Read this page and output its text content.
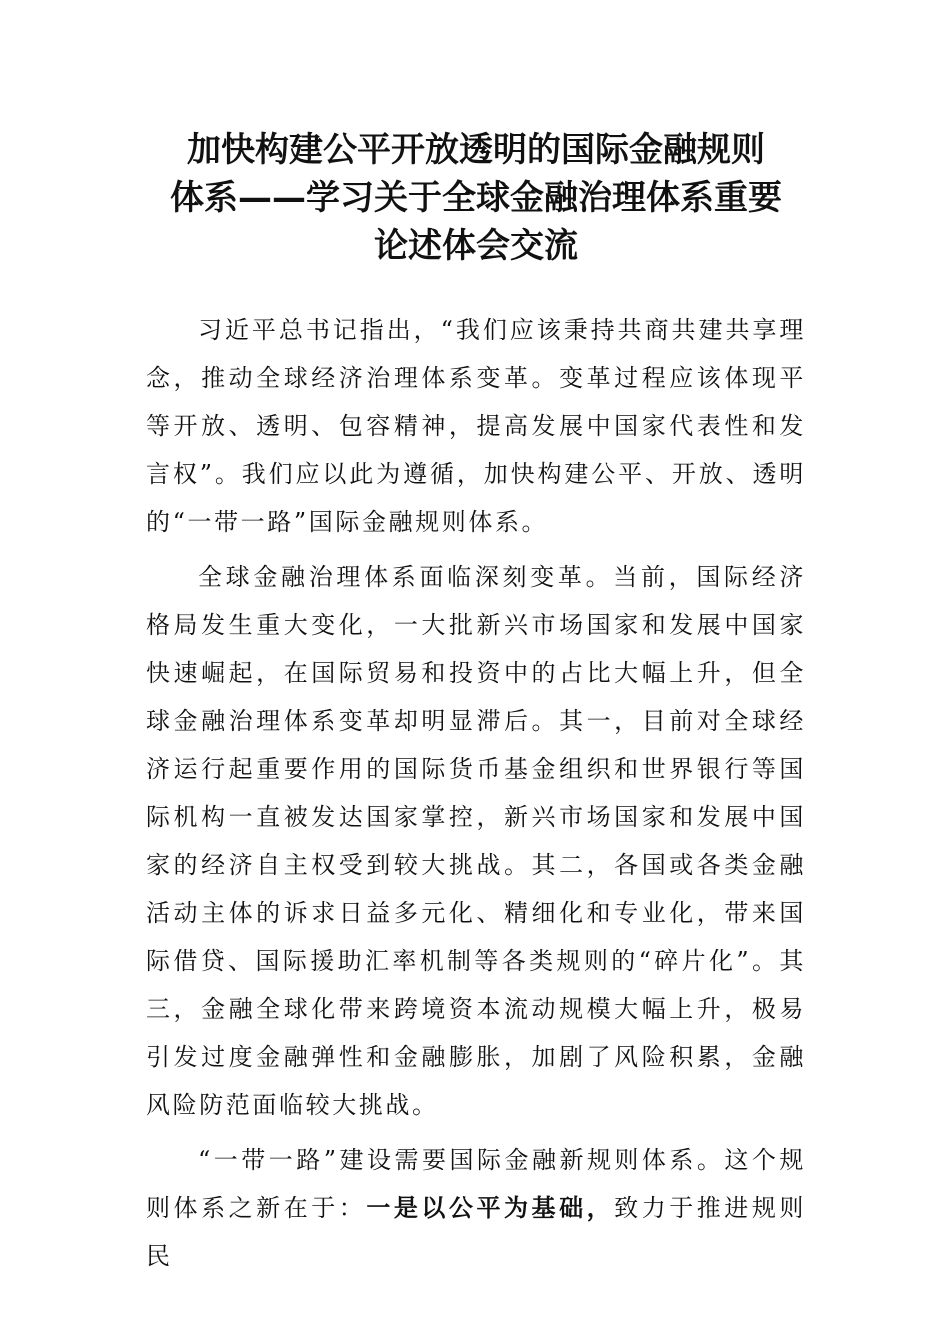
加快构建公平开放透明的国际金融规则
体系——学习关于全球金融治理体系重要
论述体会交流

习近平总书记指出，“我们应该秉持共商共建共享理念，推动全球经济治理体系变革。变革过程应该体现平等开放、透明、包容精神，提高发展中国家代表性和发言权”。我们应以此为遵循，加快构建公平、开放、透明的“一带一路”国际金融规则体系。

全球金融治理体系面临深刻变革。当前，国际经济格局发生重大变化，一大批新兴市场国家和发展中国家快速崛起，在国际贸易和投资中的占比大幅上升，但全球金融治理体系变革却明显滞后。其一，目前对全球经济运行起重要作用的国际货币基金组织和世界银行等国际机构一直被发达国家掌控，新兴市场国家和发展中国家的经济自主权受到较大挑战。其二，各国或各类金融活动主体的诉求日益多元化、精细化和专业化，带来国际借贷、国际援助汇率机制等各类规则的“碎片化”。其三，金融全球化带来跨境资本流动规模大幅上升，极易引发过度金融弹性和金融膨胀，加剧了风险积累，金融风险防范面临较大挑战。

“一带一路”建设需要国际金融新规则体系。这个规则体系之新在于：一是以公平为基础，致力于推进规则民
